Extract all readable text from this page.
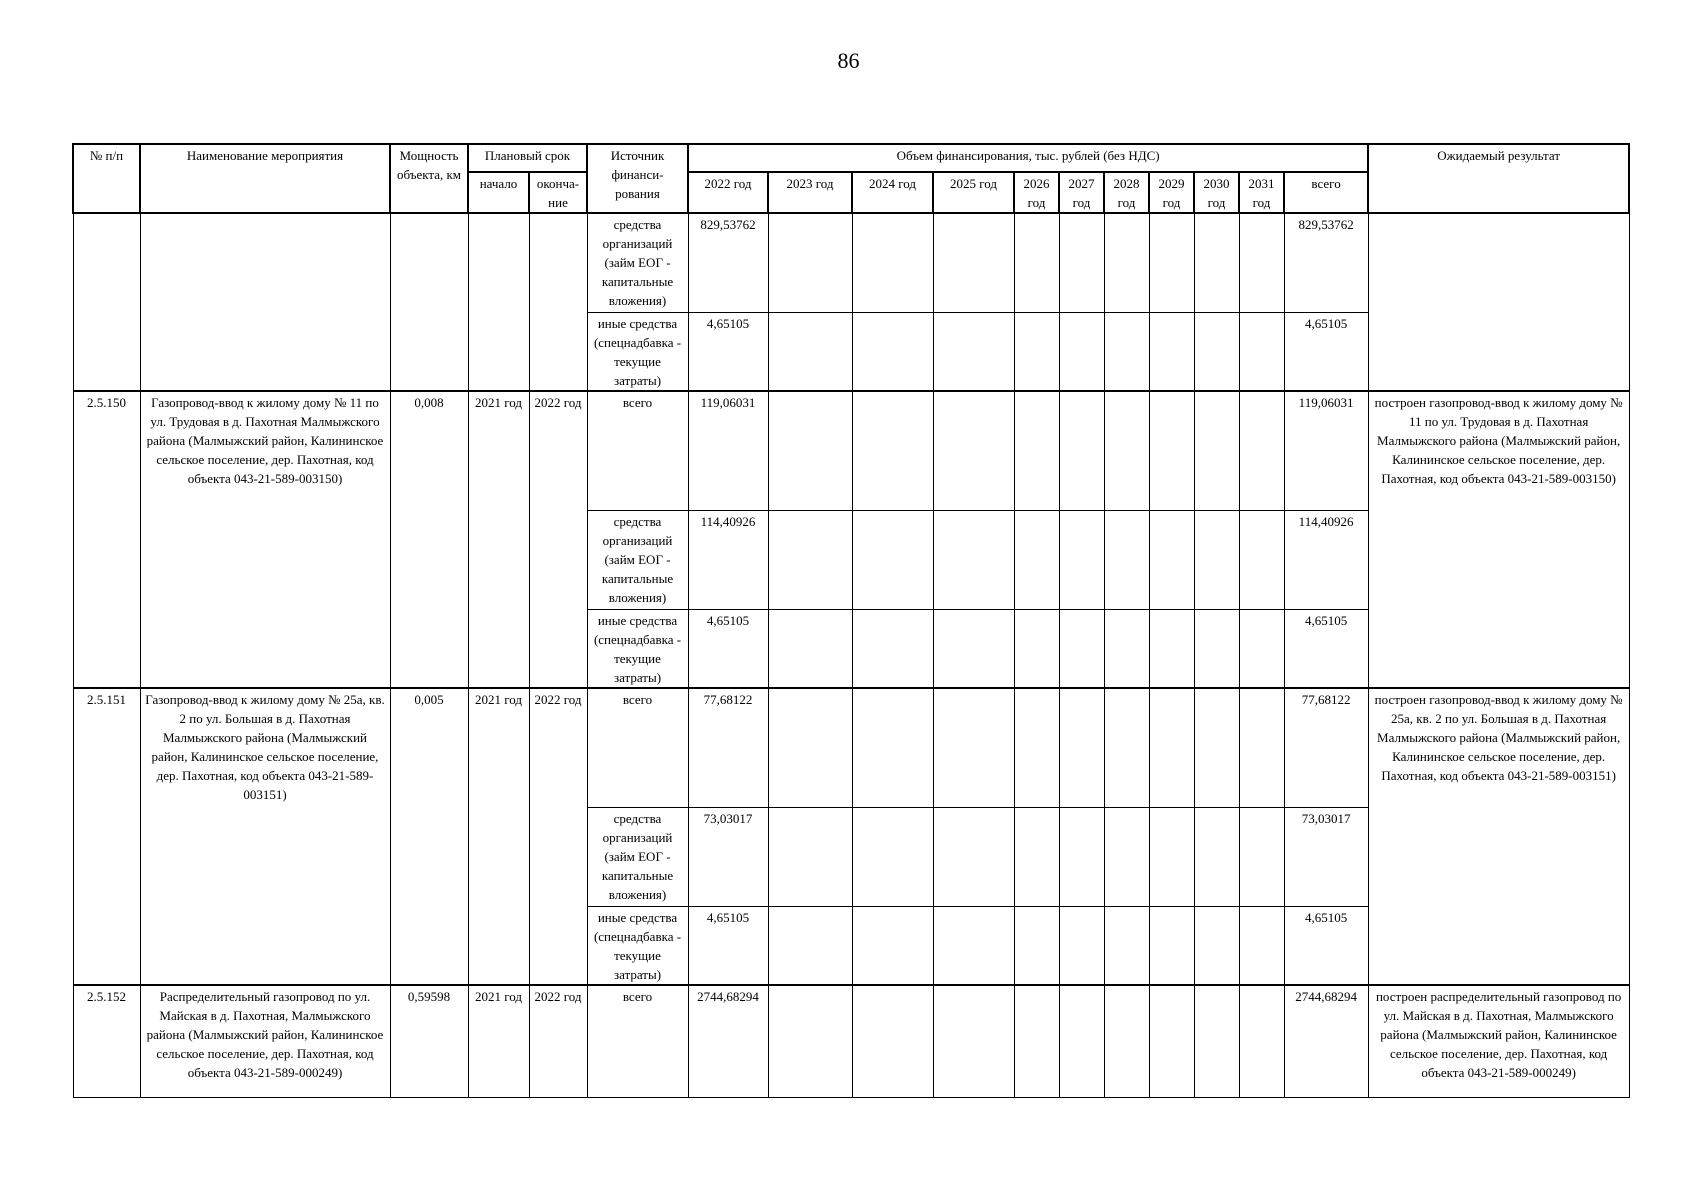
86
№ п/п	Наименование мероприятия	Мощность объекта, км	Плановый срок		Источник финанси-рования	Объем финансирования, тыс. рублей (без НДС)											Ожидаемый результат
			начало	оконча-ние		2022 год	2023 год	2024 год	2025 год	2026 год	2027 год	2028 год	2029 год	2030 год	2031 год	всего	
					средства организаций (займ ЕОГ - капитальные вложения)	829,53762										829,53762	
					иные средства (спецнадбавка - текущие затраты)	4,65105										4,65105	
2.5.150	Газопровод-ввод к жилому дому № 11 по ул. Трудовая в д. Пахотная Малмыжского района (Малмыжский район, Калининское сельское поселение, дер. Пахотная, код объекта 043-21-589-003150)	0,008	2021 год	2022 год	всего	119,06031										119,06031	построен газопровод-ввод к жилому дому № 11 по ул. Трудовая в д. Пахотная Малмыжского района (Малмыжский район, Калининское сельское поселение, дер. Пахотная, код объекта 043-21-589-003150)
					средства организаций (займ ЕОГ - капитальные вложения)	114,40926										114,40926	
					иные средства (спецнадбавка - текущие затраты)	4,65105										4,65105	
2.5.151	Газопровод-ввод к жилому дому № 25а, кв. 2 по ул. Большая в д. Пахотная Малмыжского района (Малмыжский район, Калининское сельское поселение, дер. Пахотная, код объекта 043-21-589-003151)	0,005	2021 год	2022 год	всего	77,68122										77,68122	построен газопровод-ввод к жилому дому № 25а, кв. 2 по ул. Большая в д. Пахотная Малмыжского района (Малмыжский район, Калининское сельское поселение, дер. Пахотная, код объекта 043-21-589-003151)
					средства организаций (займ ЕОГ - капитальные вложения)	73,03017										73,03017	
					иные средства (спецнадбавка - текущие затраты)	4,65105										4,65105	
2.5.152	Распределительный газопровод по ул. Майская в д. Пахотная, Малмыжского района (Малмыжский район, Калининское сельское поселение, дер. Пахотная, код объекта 043-21-589-000249)	0,59598	2021 год	2022 год	всего	2744,68294										2744,68294	построен распределительный газопровод по ул. Майская в д. Пахотная, Малмыжского района (Малмыжский район, Калининское сельское поселение, дер. Пахотная, код объекта 043-21-589-000249)
